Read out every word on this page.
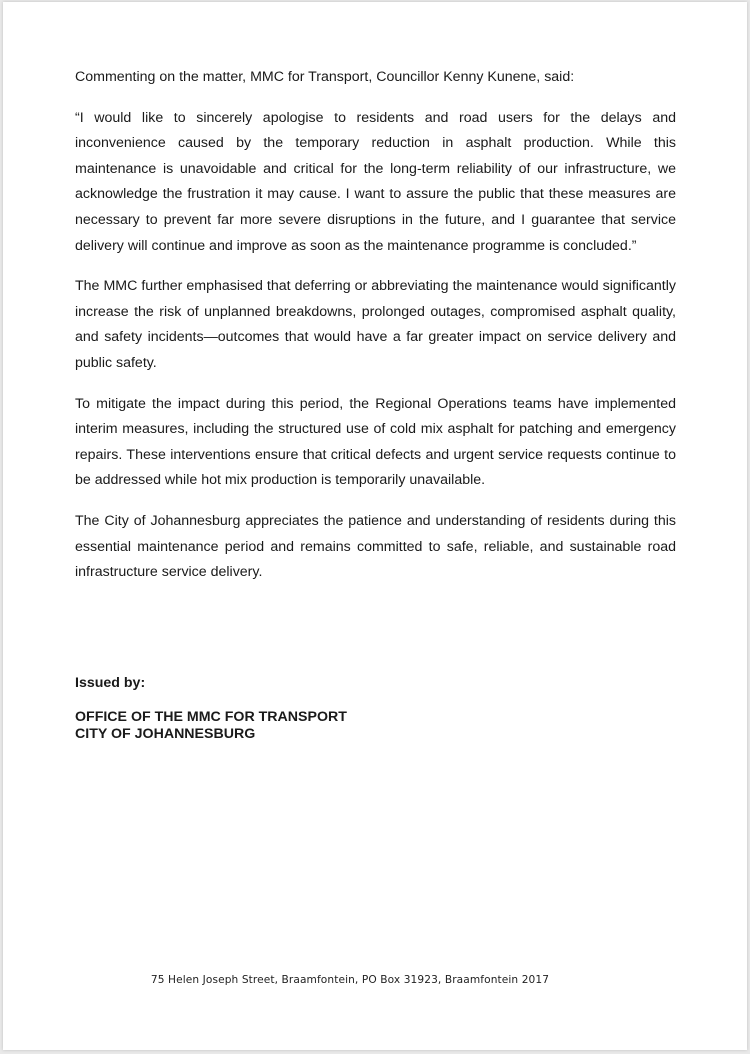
Commenting on the matter, MMC for Transport, Councillor Kenny Kunene, said:

“I would like to sincerely apologise to residents and road users for the delays and inconvenience caused by the temporary reduction in asphalt production. While this maintenance is unavoidable and critical for the long-term reliability of our infrastructure, we acknowledge the frustration it may cause. I want to assure the public that these measures are necessary to prevent far more severe disruptions in the future, and I guarantee that service delivery will continue and improve as soon as the maintenance programme is concluded.”

The MMC further emphasised that deferring or abbreviating the maintenance would significantly increase the risk of unplanned breakdowns, prolonged outages, compromised asphalt quality, and safety incidents—outcomes that would have a far greater impact on service delivery and public safety.

To mitigate the impact during this period, the Regional Operations teams have implemented interim measures, including the structured use of cold mix asphalt for patching and emergency repairs. These interventions ensure that critical defects and urgent service requests continue to be addressed while hot mix production is temporarily unavailable.

The City of Johannesburg appreciates the patience and understanding of residents during this essential maintenance period and remains committed to safe, reliable, and sustainable road infrastructure service delivery.

Issued by:

OFFICE OF THE MMC FOR TRANSPORT
CITY OF JOHANNESBURG
75 Helen Joseph Street, Braamfontein, PO Box 31923, Braamfontein 2017
